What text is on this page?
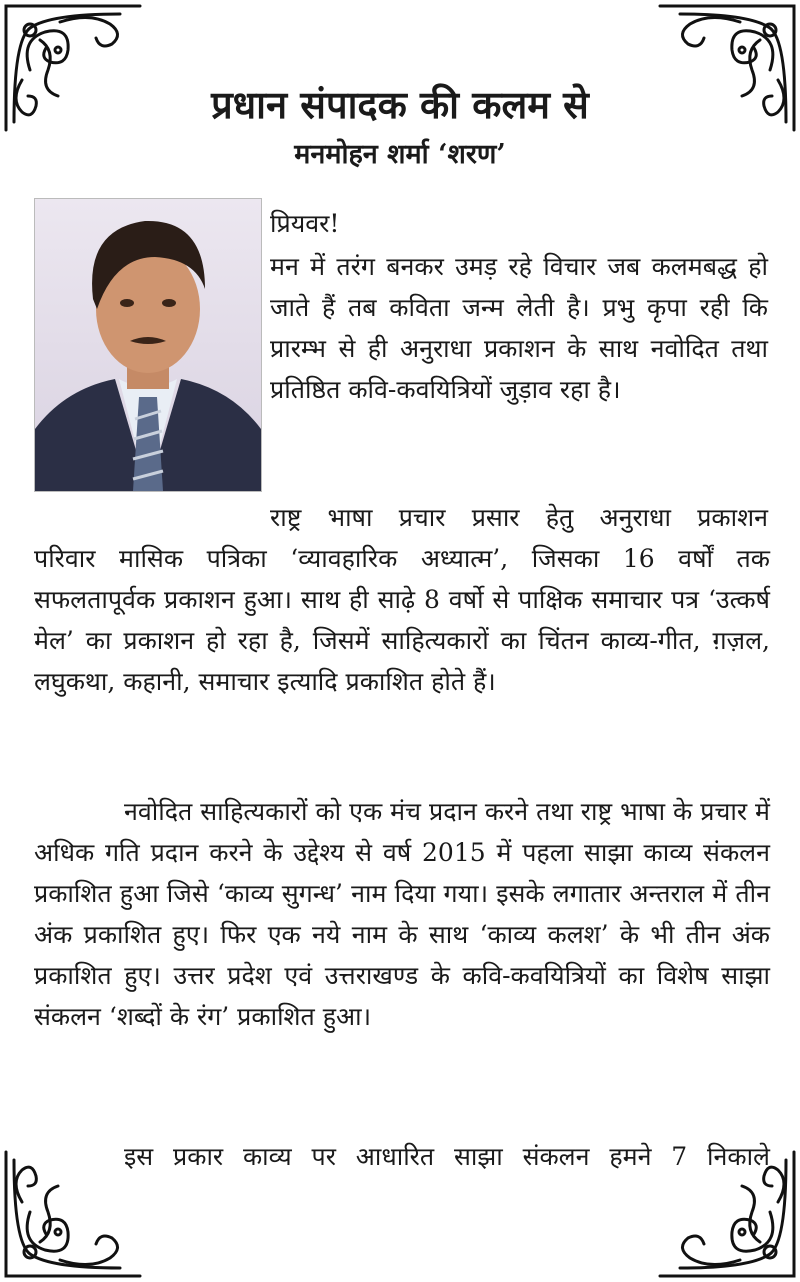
प्रधान संपादक की कलम से
मनमोहन शर्मा ‘शरण’
प्रियवर!
मन में तरंग बनकर उमड़ रहे विचार जब कलमबद्ध हो जाते हैं तब कविता जन्म लेती है। प्रभु कृपा रही कि प्रारम्भ से ही अनुराधा प्रकाशन के साथ नवोदित तथा प्रतिष्ठित कवि-कवयित्रियों जुड़ाव रहा है।
राष्ट्र भाषा प्रचार प्रसार हेतु अनुराधा प्रकाशन
परिवार मासिक पत्रिका ‘व्यावहारिक अध्यात्म’, जिसका 16 वर्षों तक सफलतापूर्वक प्रकाशन हुआ। साथ ही साढ़े 8 वर्षो से पाक्षिक समाचार पत्र ‘उत्कर्ष मेल’ का प्रकाशन हो रहा है, जिसमें साहित्यकारों का चिंतन काव्य-गीत, ग़ज़ल, लघुकथा, कहानी, समाचार इत्यादि प्रकाशित होते हैं।
नवोदित साहित्यकारों को एक मंच प्रदान करने तथा राष्ट्र भाषा के प्रचार में अधिक गति प्रदान करने के उद्देश्य से वर्ष 2015 में पहला साझा काव्य संकलन प्रकाशित हुआ जिसे ‘काव्य सुगन्ध’ नाम दिया गया। इसके लगातार अन्तराल में तीन अंक प्रकाशित हुए। फिर एक नये नाम के साथ ‘काव्य कलश’ के भी तीन अंक प्रकाशित हुए। उत्तर प्रदेश एवं उत्तराखण्ड के कवि-कवयित्रियों का विशेष साझा संकलन ‘शब्दों के रंग’ प्रकाशित हुआ।
इस प्रकार काव्य पर आधारित साझा संकलन हमने 7 निकाले
